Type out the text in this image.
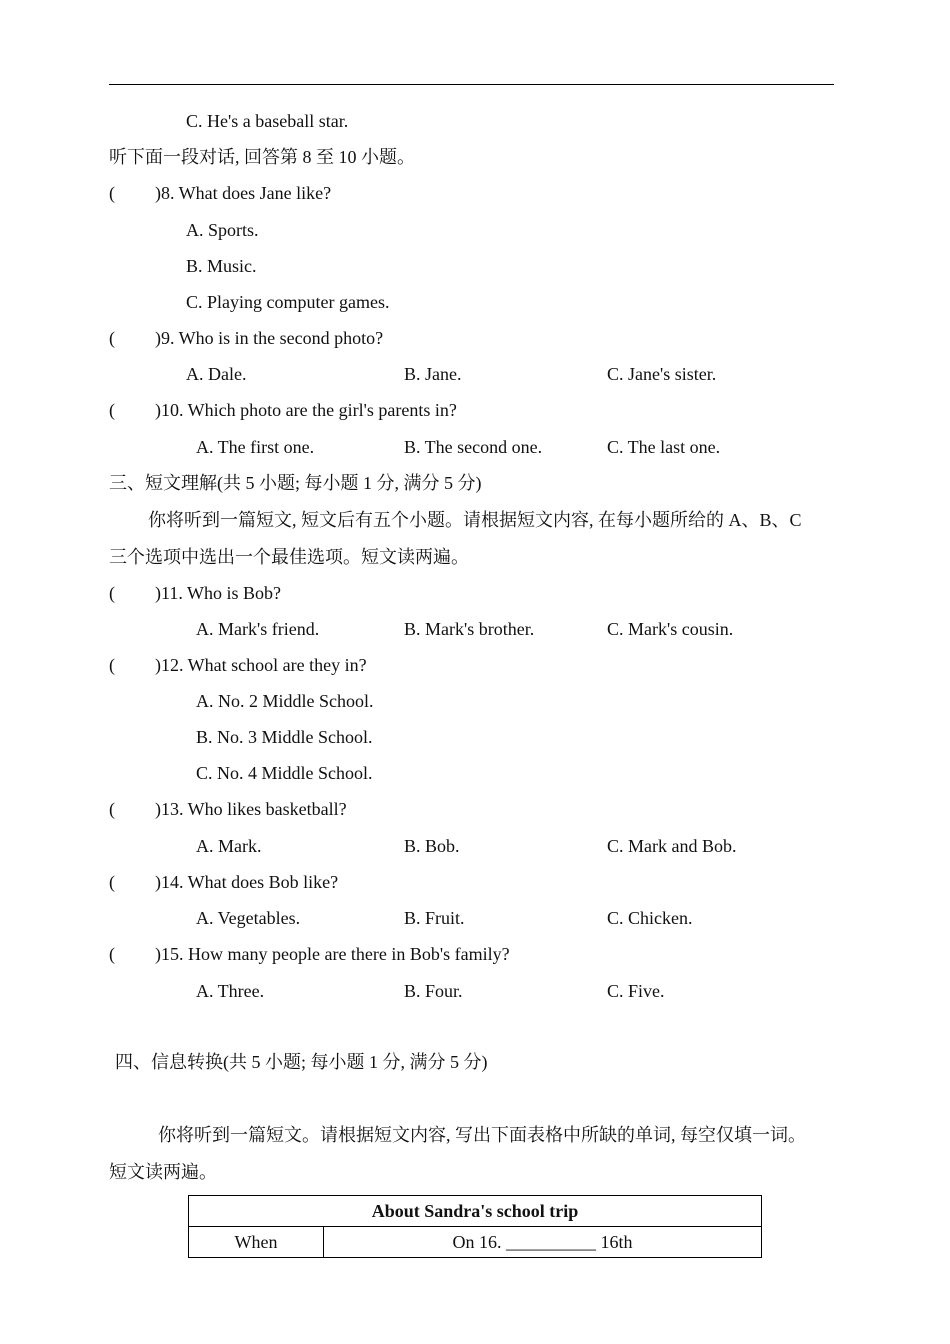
C. He's a baseball star.
听下面一段对话, 回答第 8 至 10 小题。
( )8. What does Jane like?
A. Sports.
B. Music.
C. Playing computer games.
( )9. Who is in the second photo?
A. Dale.	B. Jane.	C. Jane's sister.
( )10. Which photo are the girl's parents in?
A. The first one.	B. The second one.	C. The last one.
三、短文理解(共 5 小题; 每小题 1 分, 满分 5 分)
你将听到一篇短文, 短文后有五个小题。请根据短文内容, 在每小题所给的 A、B、C
三个选项中选出一个最佳选项。短文读两遍。
( )11. Who is Bob?
A. Mark's friend.	B. Mark's brother.	C. Mark's cousin.
( )12. What school are they in?
A. No. 2 Middle School.
B. No. 3 Middle School.
C. No. 4 Middle School.
( )13. Who likes basketball?
A. Mark.	B. Bob.	C. Mark and Bob.
( )14. What does Bob like?
A. Vegetables.	B. Fruit.	C. Chicken.
( )15. How many people are there in Bob's family?
A. Three.	B. Four.	C. Five.
四、信息转换(共 5 小题; 每小题 1 分, 满分 5 分)
你将听到一篇短文。请根据短文内容, 写出下面表格中所缺的单词, 每空仅填一词。
短文读两遍。
About Sandra's school trip
When	On 16. __________ 16th
